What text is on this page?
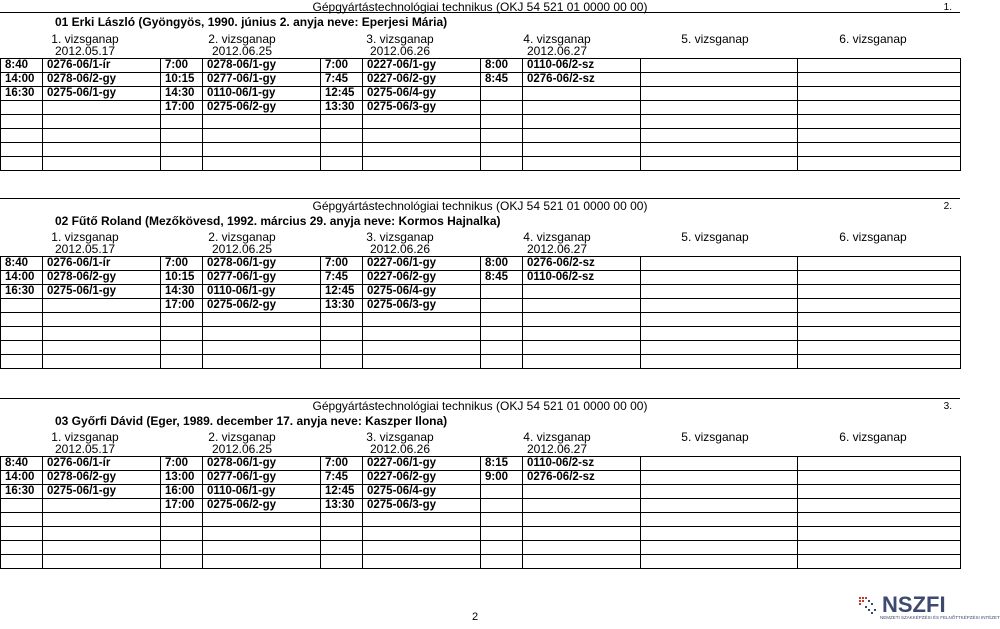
Gépgyártástechnológiai technikus (OKJ 54 521 01 0000 00 00)	1.
01 Erki László (Gyöngyös, 1990. június 2. anyja neve: Eperjesi Mária)
1. vizsganap
2012.05.17
2. vizsganap
2012.06.25
3. vizsganap
2012.06.26
4. vizsganap
2012.06.27
5. vizsganap	6. vizsganap
8:40	0276-06/1-ír	7:00	0278-06/1-gy	7:00	0227-06/1-gy	8:00	0110-06/2-sz		
14:00	0278-06/2-gy	10:15	0277-06/1-gy	7:45	0227-06/2-gy	8:45	0276-06/2-sz		
16:30	0275-06/1-gy	14:30	0110-06/1-gy	12:45	0275-06/4-gy				
		17:00	0275-06/2-gy	13:30	0275-06/3-gy				

Gépgyártástechnológiai technikus (OKJ 54 521 01 0000 00 00)	2.
02 Fűtő Roland (Mezőkövesd, 1992. március 29. anyja neve: Kormos Hajnalka)
1. vizsganap
2012.05.17
2. vizsganap
2012.06.25
3. vizsganap
2012.06.26
4. vizsganap
2012.06.27
5. vizsganap	6. vizsganap
8:40	0276-06/1-ír	7:00	0278-06/1-gy	7:00	0227-06/1-gy	8:00	0276-06/2-sz		
14:00	0278-06/2-gy	10:15	0277-06/1-gy	7:45	0227-06/2-gy	8:45	0110-06/2-sz		
16:30	0275-06/1-gy	14:30	0110-06/1-gy	12:45	0275-06/4-gy				
		17:00	0275-06/2-gy	13:30	0275-06/3-gy				

Gépgyártástechnológiai technikus (OKJ 54 521 01 0000 00 00)	3.
03 Győrfi Dávid (Eger, 1989. december 17. anyja neve: Kaszper Ilona)
1. vizsganap
2012.05.17
2. vizsganap
2012.06.25
3. vizsganap
2012.06.26
4. vizsganap
2012.06.27
5. vizsganap	6. vizsganap
8:40	0276-06/1-ír	7:00	0278-06/1-gy	7:00	0227-06/1-gy	8:15	0110-06/2-sz		
14:00	0278-06/2-gy	13:00	0277-06/1-gy	7:45	0227-06/2-gy	9:00	0276-06/2-sz		
16:30	0275-06/1-gy	16:00	0110-06/1-gy	12:45	0275-06/4-gy				
		17:00	0275-06/2-gy	13:30	0275-06/3-gy				

2	NSZFI
NEMZETI SZAKKÉPZÉSI ÉS FELNŐTTKÉPZÉSI INTÉZET
